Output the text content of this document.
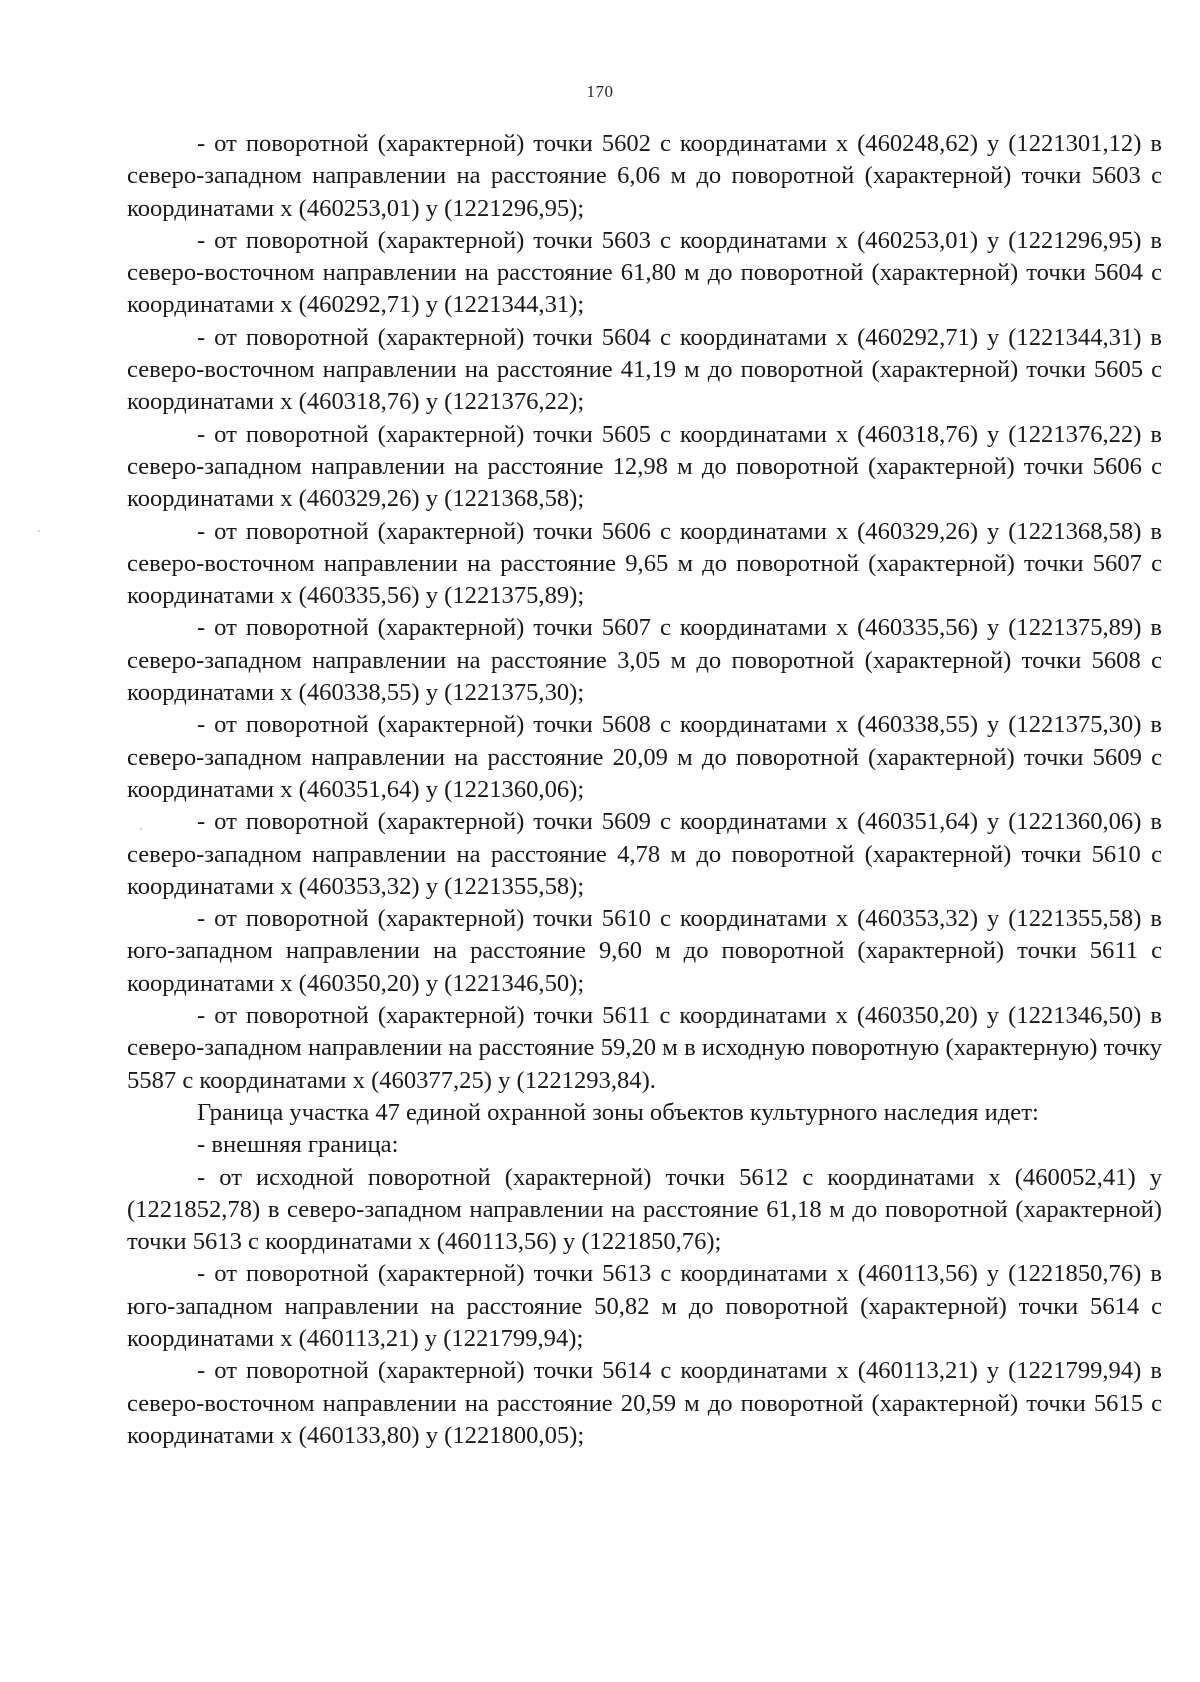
170

- от поворотной (характерной) точки 5602 с координатами х (460248,62) у (1221301,12) в северо-западном направлении на расстояние 6,06 м до поворотной (характерной) точки 5603 с координатами х (460253,01) у (1221296,95);

- от поворотной (характерной) точки 5603 с координатами х (460253,01) у (1221296,95) в северо-восточном направлении на расстояние 61,80 м до поворотной (характерной) точки 5604 с координатами х (460292,71) у (1221344,31);

- от поворотной (характерной) точки 5604 с координатами х (460292,71) у (1221344,31) в северо-восточном направлении на расстояние 41,19 м до поворотной (характерной) точки 5605 с координатами х (460318,76) у (1221376,22);

- от поворотной (характерной) точки 5605 с координатами х (460318,76) у (1221376,22) в северо-западном направлении на расстояние 12,98 м до поворотной (характерной) точки 5606 с координатами х (460329,26) у (1221368,58);

- от поворотной (характерной) точки 5606 с координатами х (460329,26) у (1221368,58) в северо-восточном направлении на расстояние 9,65 м до поворотной (характерной) точки 5607 с координатами х (460335,56) у (1221375,89);

- от поворотной (характерной) точки 5607 с координатами х (460335,56) у (1221375,89) в северо-западном направлении на расстояние 3,05 м до поворотной (характерной) точки 5608 с координатами х (460338,55) у (1221375,30);

- от поворотной (характерной) точки 5608 с координатами х (460338,55) у (1221375,30) в северо-западном направлении на расстояние 20,09 м до поворотной (характерной) точки 5609 с координатами х (460351,64) у (1221360,06);

- от поворотной (характерной) точки 5609 с координатами х (460351,64) у (1221360,06) в северо-западном направлении на расстояние 4,78 м до поворотной (характерной) точки 5610 с координатами х (460353,32) у (1221355,58);

- от поворотной (характерной) точки 5610 с координатами х (460353,32) у (1221355,58) в юго-западном направлении на расстояние 9,60 м до поворотной (характерной) точки 5611 с координатами х (460350,20) у (1221346,50);

- от поворотной (характерной) точки 5611 с координатами х (460350,20) у (1221346,50) в северо-западном направлении на расстояние 59,20 м в исходную поворотную (характерную) точку 5587 с координатами х (460377,25) у (1221293,84).

Граница участка 47 единой охранной зоны объектов культурного наследия идет:

- внешняя граница:

- от исходной поворотной (характерной) точки 5612 с координатами х (460052,41) у (1221852,78) в северо-западном направлении на расстояние 61,18 м до поворотной (характерной) точки 5613 с координатами х (460113,56) у (1221850,76);

- от поворотной (характерной) точки 5613 с координатами х (460113,56) у (1221850,76) в юго-западном направлении на расстояние 50,82 м до поворотной (характерной) точки 5614 с координатами х (460113,21) у (1221799,94);

- от поворотной (характерной) точки 5614 с координатами х (460113,21) у (1221799,94) в северо-восточном направлении на расстояние 20,59 м до поворотной (характерной) точки 5615 с координатами х (460133,80) у (1221800,05);
